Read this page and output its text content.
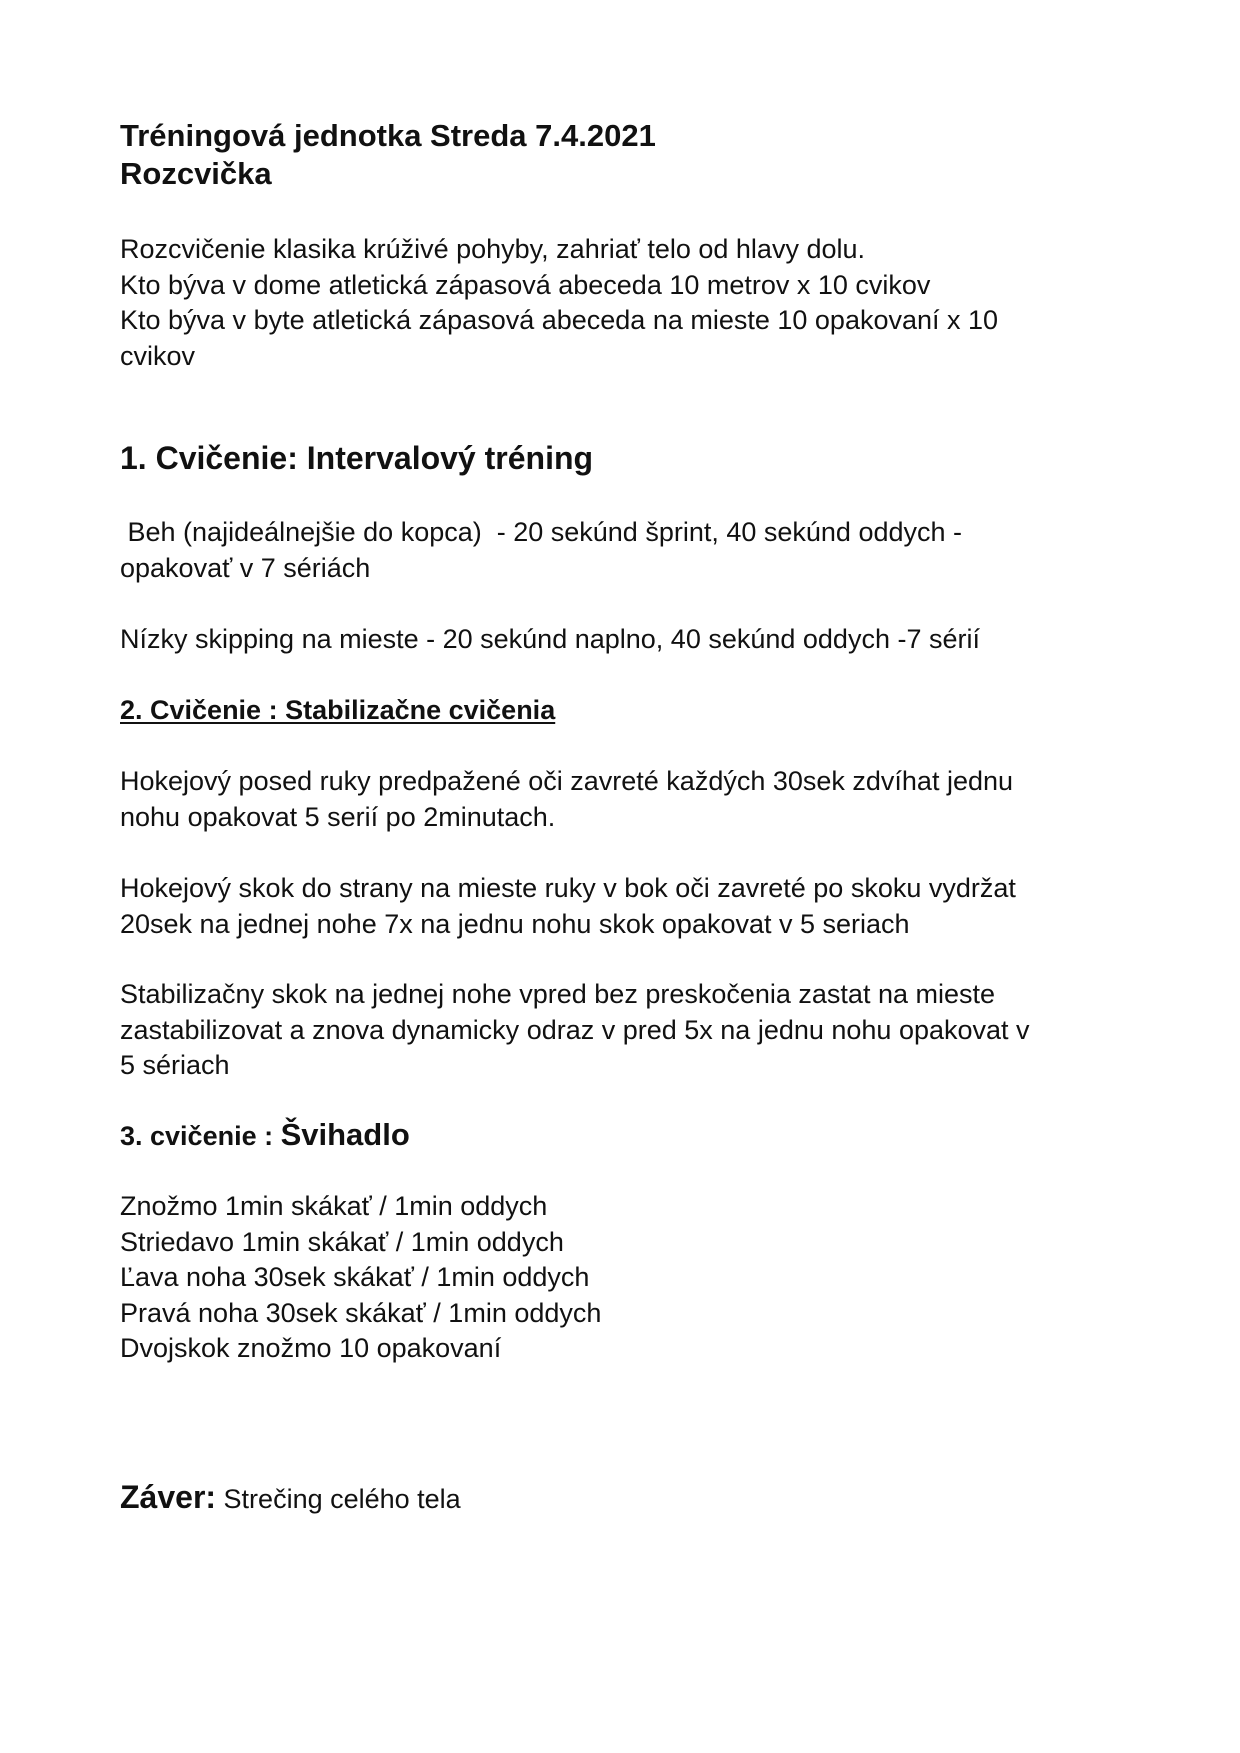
Tréningová jednotka Streda 7.4.2021

Rozcvička

Rozcvičenie klasika krúživé pohyby, zahriať telo od hlavy dolu.

Kto býva v dome atletická zápasová abeceda 10 metrov x 10 cvikov

Kto býva v byte atletická zápasová abeceda na mieste 10 opakovaní x 10

cvikov

1. Cvičenie: Intervalový tréning

Beh (najideálnejšie do kopca)  - 20 sekúnd šprint, 40 sekúnd oddych -

opakovať v 7 sériách

Nízky skipping na mieste - 20 sekúnd naplno, 40 sekúnd oddych -7 sérií

2. Cvičenie : Stabilizačne cvičenia

Hokejový posed ruky predpažené oči zavreté každých 30sek zdvíhat jednu

nohu opakovat 5 serií po 2minutach.

Hokejový skok do strany na mieste ruky v bok oči zavreté po skoku vydržat

20sek na jednej nohe 7x na jednu nohu skok opakovat v 5 seriach

Stabilizačny skok na jednej nohe vpred bez preskočenia zastat na mieste

zastabilizovat a znova dynamicky odraz v pred 5x na jednu nohu opakovat v

5 sériach

3. cvičenie : Švihadlo

Znožmo 1min skákať / 1min oddych

Striedavo 1min skákať / 1min oddych

Ľava noha 30sek skákať / 1min oddych

Pravá noha 30sek skákať / 1min oddych

Dvojskok znožmo 10 opakovaní

Záver: Strečing celého tela
